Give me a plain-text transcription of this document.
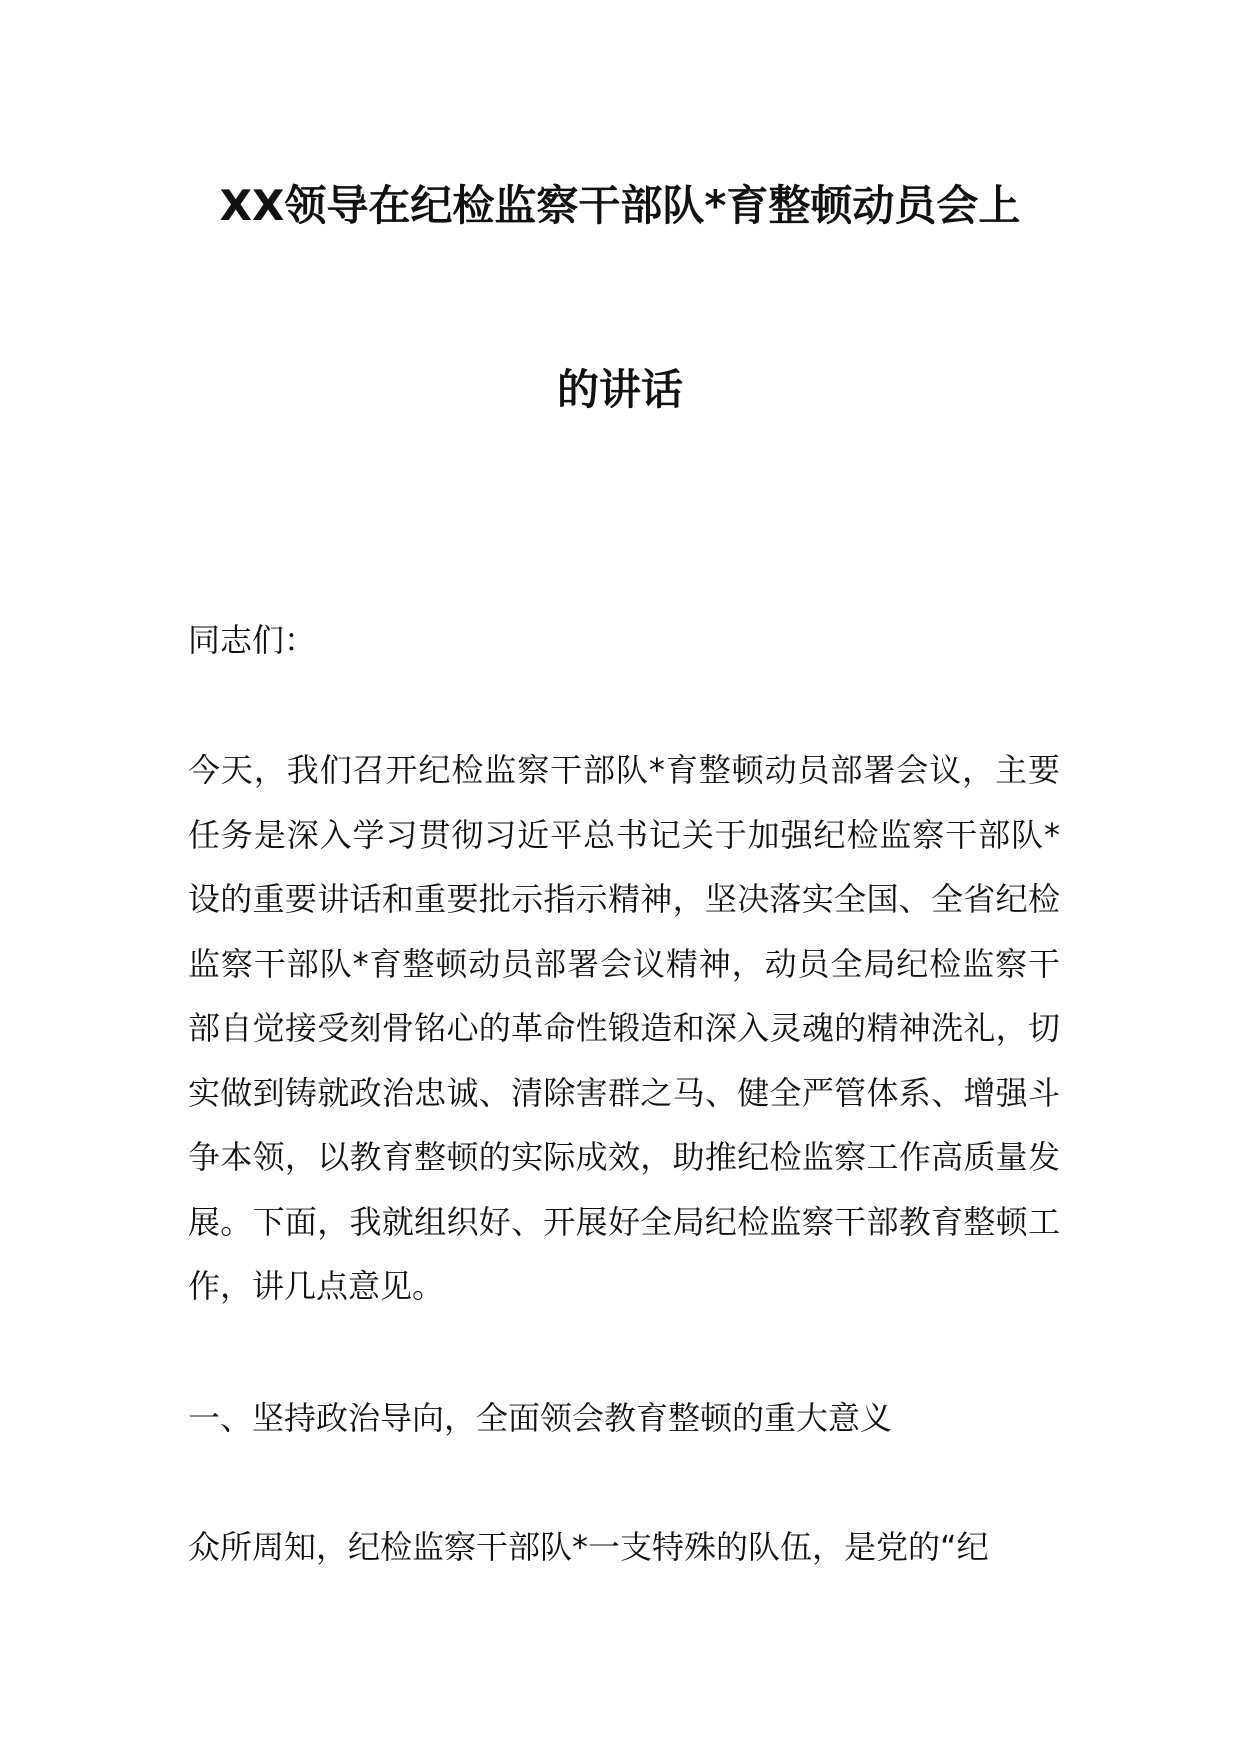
XX领导在纪检监察干部队*育整顿动员会上
的讲话

同志们：

今天，我们召开纪检监察干部队*育整顿动员部署会议，主要任务是深入学习贯彻习近平总书记关于加强纪检监察干部队*设的重要讲话和重要批示指示精神，坚决落实全国、全省纪检监察干部队*育整顿动员部署会议精神，动员全局纪检监察干部自觉接受刻骨铭心的革命性锻造和深入灵魂的精神洗礼，切实做到铸就政治忠诚、清除害群之马、健全严管体系、增强斗争本领，以教育整顿的实际成效，助推纪检监察工作高质量发展。下面，我就组织好、开展好全局纪检监察干部教育整顿工作，讲几点意见。

一、坚持政治导向，全面领会教育整顿的重大意义

众所周知，纪检监察干部队*一支特殊的队伍，是党的“纪
